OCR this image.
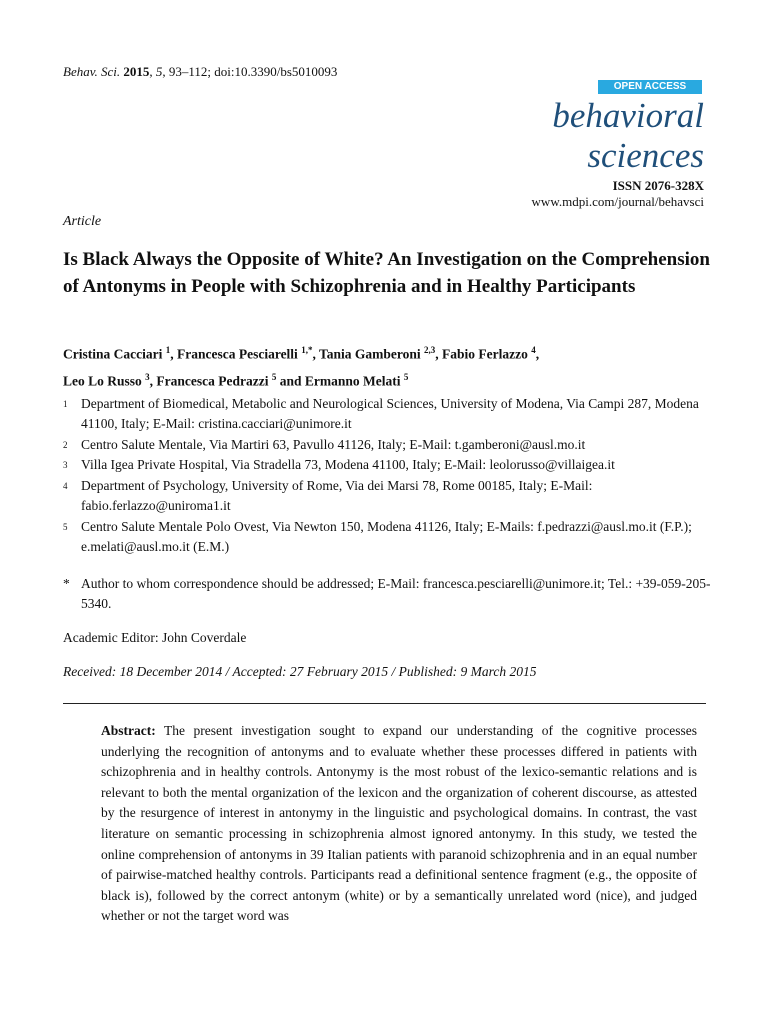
Behav. Sci. 2015, 5, 93–112; doi:10.3390/bs5010093
OPEN ACCESS
behavioral
sciences
ISSN 2076-328X
www.mdpi.com/journal/behavsci
Article
Is Black Always the Opposite of White? An Investigation on the Comprehension of Antonyms in People with Schizophrenia and in Healthy Participants
Cristina Cacciari $^1$, Francesca Pesciarelli $^{1,*}$, Tania Gamberoni $^{2,3}$, Fabio Ferlazzo $^4$,
Leo Lo Russo $^3$, Francesca Pedrazzi $^5$ and Ermanno Melati $^5$
1 Department of Biomedical, Metabolic and Neurological Sciences, University of Modena, Via Campi 287, Modena 41100, Italy; E-Mail: cristina.cacciari@unimore.it
2 Centro Salute Mentale, Via Martiri 63, Pavullo 41126, Italy; E-Mail: t.gamberoni@ausl.mo.it
3 Villa Igea Private Hospital, Via Stradella 73, Modena 41100, Italy; E-Mail: leolorusso@villaigea.it
4 Department of Psychology, University of Rome, Via dei Marsi 78, Rome 00185, Italy; E-Mail: fabio.ferlazzo@uniroma1.it
5 Centro Salute Mentale Polo Ovest, Via Newton 150, Modena 41126, Italy; E-Mails: f.pedrazzi@ausl.mo.it (F.P.); e.melati@ausl.mo.it (E.M.)
* Author to whom correspondence should be addressed; E-Mail: francesca.pesciarelli@unimore.it; Tel.: +39-059-205-5340.
Academic Editor: John Coverdale
Received: 18 December 2014 / Accepted: 27 February 2015 / Published: 9 March 2015
Abstract: The present investigation sought to expand our understanding of the cognitive processes underlying the recognition of antonyms and to evaluate whether these processes differed in patients with schizophrenia and in healthy controls. Antonymy is the most robust of the lexico-semantic relations and is relevant to both the mental organization of the lexicon and the organization of coherent discourse, as attested by the resurgence of interest in antonymy in the linguistic and psychological domains. In contrast, the vast literature on semantic processing in schizophrenia almost ignored antonymy. In this study, we tested the online comprehension of antonyms in 39 Italian patients with paranoid schizophrenia and in an equal number of pairwise-matched healthy controls. Participants read a definitional sentence fragment (e.g., the opposite of black is), followed by the correct antonym (white) or by a semantically unrelated word (nice), and judged whether or not the target word was
